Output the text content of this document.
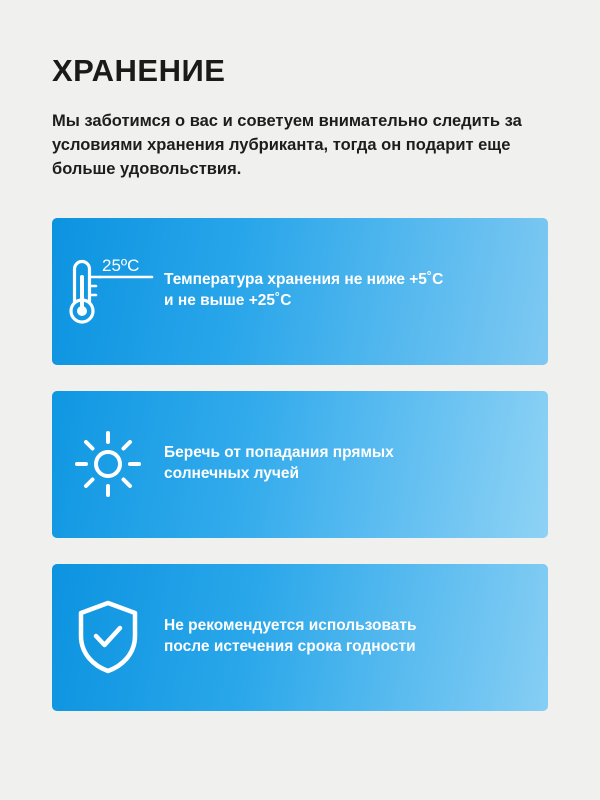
ХРАНЕНИЕ

Мы заботимся о вас и советуем внимательно следить за условиями хранения лубриканта, тогда он подарит еще больше удовольствия.

25ºC
Температура хранения не ниже +5˚С
и не выше +25˚С
Беречь от попадания прямых
солнечных лучей
Не рекомендуется использовать
после истечения срока годности
